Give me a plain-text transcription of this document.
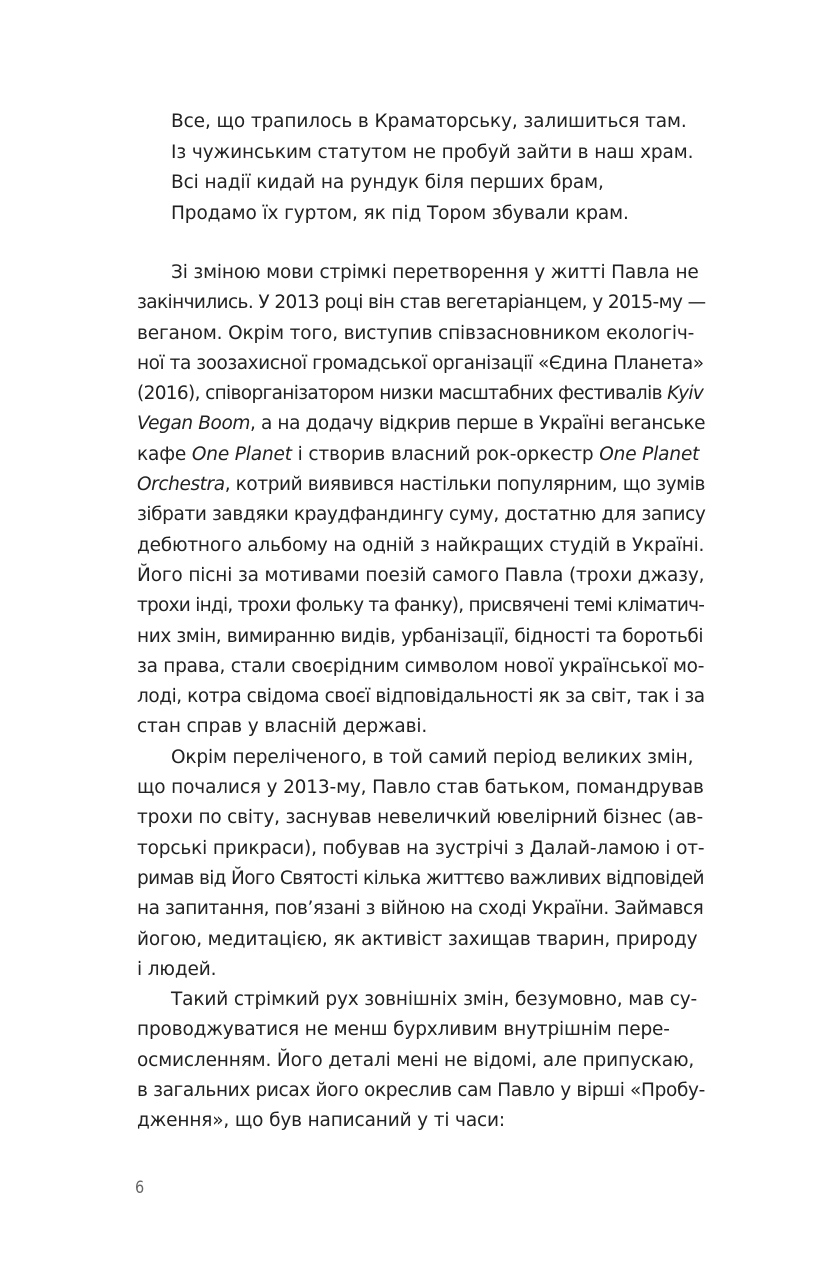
Все, що трапилось в Краматорську, залишиться там.
Із чужинським статутом не пробуй зайти в наш храм.
Всі надії кидай на рундук біля перших брам,
Продамо їх гуртом, як під Тором збували крам.
Зі зміною мови стрімкі перетворення у житті Павла не
закінчились. У 2013 році він став вегетаріанцем, у 2015-му —
веганом. Окрім того, виступив співзасновником екологіч-
ної та зоозахисної громадської організації «Єдина Планета»
(2016), співорганізатором низки масштабних фестивалів Kyiv
Vegan Boom, а на додачу відкрив перше в Україні веганське
кафе One Planet і створив власний рок-оркестр One Planet
Orchestra, котрий виявився настільки популярним, що зумів
зібрати завдяки краудфандингу суму, достатню для запису
дебютного альбому на одній з найкращих студій в Україні.
Його пісні за мотивами поезій самого Павла (трохи джазу,
трохи інді, трохи фольку та фанку), присвячені темі кліматич-
них змін, вимиранню видів, урбанізації, бідності та боротьбі
за права, стали своєрідним символом нової української мо-
лоді, котра свідома своєї відповідальності як за світ, так і за
стан справ у власній державі.
Окрім переліченого, в той самий період великих змін,
що почалися у 2013-му, Павло став батьком, помандрував
трохи по світу, заснував невеличкий ювелірний бізнес (ав-
торські прикраси), побував на зустрічі з Далай-ламою і от-
римав від Його Святості кілька життєво важливих відповідей
на запитання, пов’язані з війною на сході України. Займався
йогою, медитацією, як активіст захищав тварин, природу
і людей.
Такий стрімкий рух зовнішніх змін, безумовно, мав су-
проводжуватися не менш бурхливим внутрішнім пере-
осмисленням. Його деталі мені не відомі, але припускаю,
в загальних рисах його окреслив сам Павло у вірші «Пробу-
дження», що був написаний у ті часи:
6
